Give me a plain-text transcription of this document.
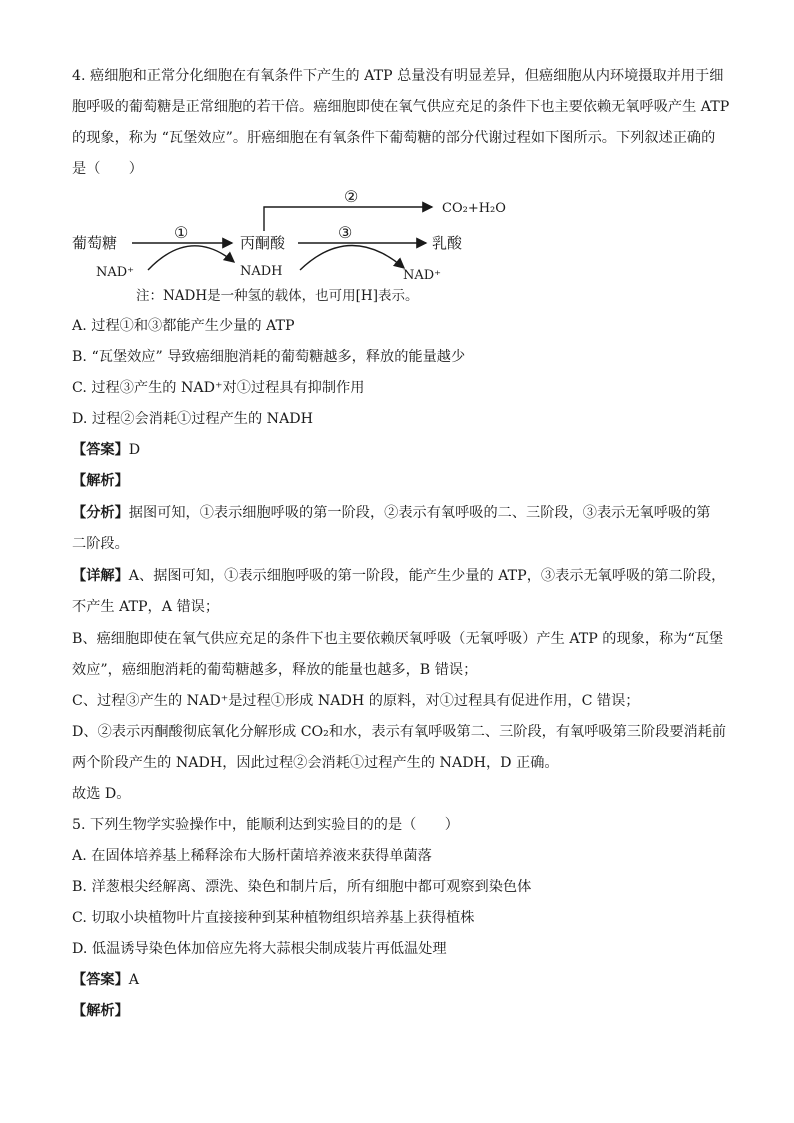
4. 癌细胞和正常分化细胞在有氧条件下产生的 ATP 总量没有明显差异，但癌细胞从内环境摄取并用于细
胞呼吸的葡萄糖是正常细胞的若干倍。癌细胞即使在氧气供应充足的条件下也主要依赖无氧呼吸产生 ATP
的现象，称为 “瓦堡效应”。肝癌细胞在有氧条件下葡萄糖的部分代谢过程如下图所示。下列叙述正确的
是（　　）
葡萄糖
①
NAD⁺
丙酮酸
NADH
②
CO₂+H₂O
③
乳酸
NAD⁺
注：NADH是一种氢的载体，也可用[H]表示。
A. 过程①和③都能产生少量的 ATP
B. “瓦堡效应” 导致癌细胞消耗的葡萄糖越多，释放的能量越少
C. 过程③产生的 NAD⁺对①过程具有抑制作用
D. 过程②会消耗①过程产生的 NADH
【答案】D
【解析】
【分析】据图可知，①表示细胞呼吸的第一阶段，②表示有氧呼吸的二、三阶段，③表示无氧呼吸的第
二阶段。
【详解】A、据图可知，①表示细胞呼吸的第一阶段，能产生少量的 ATP，③表示无氧呼吸的第二阶段，
不产生 ATP，A 错误；
B、癌细胞即使在氧气供应充足的条件下也主要依赖厌氧呼吸（无氧呼吸）产生 ATP 的现象，称为“瓦堡
效应”，癌细胞消耗的葡萄糖越多，释放的能量也越多，B 错误；
C、过程③产生的 NAD⁺是过程①形成 NADH 的原料，对①过程具有促进作用，C 错误；
D、②表示丙酮酸彻底氧化分解形成 CO₂和水，表示有氧呼吸第二、三阶段，有氧呼吸第三阶段要消耗前
两个阶段产生的 NADH，因此过程②会消耗①过程产生的 NADH，D 正确。
故选 D。
5. 下列生物学实验操作中，能顺利达到实验目的的是（　　）
A. 在固体培养基上稀释涂布大肠杆菌培养液来获得单菌落
B. 洋葱根尖经解离、漂洗、染色和制片后，所有细胞中都可观察到染色体
C. 切取小块植物叶片直接接种到某种植物组织培养基上获得植株
D. 低温诱导染色体加倍应先将大蒜根尖制成装片再低温处理
【答案】A
【解析】
